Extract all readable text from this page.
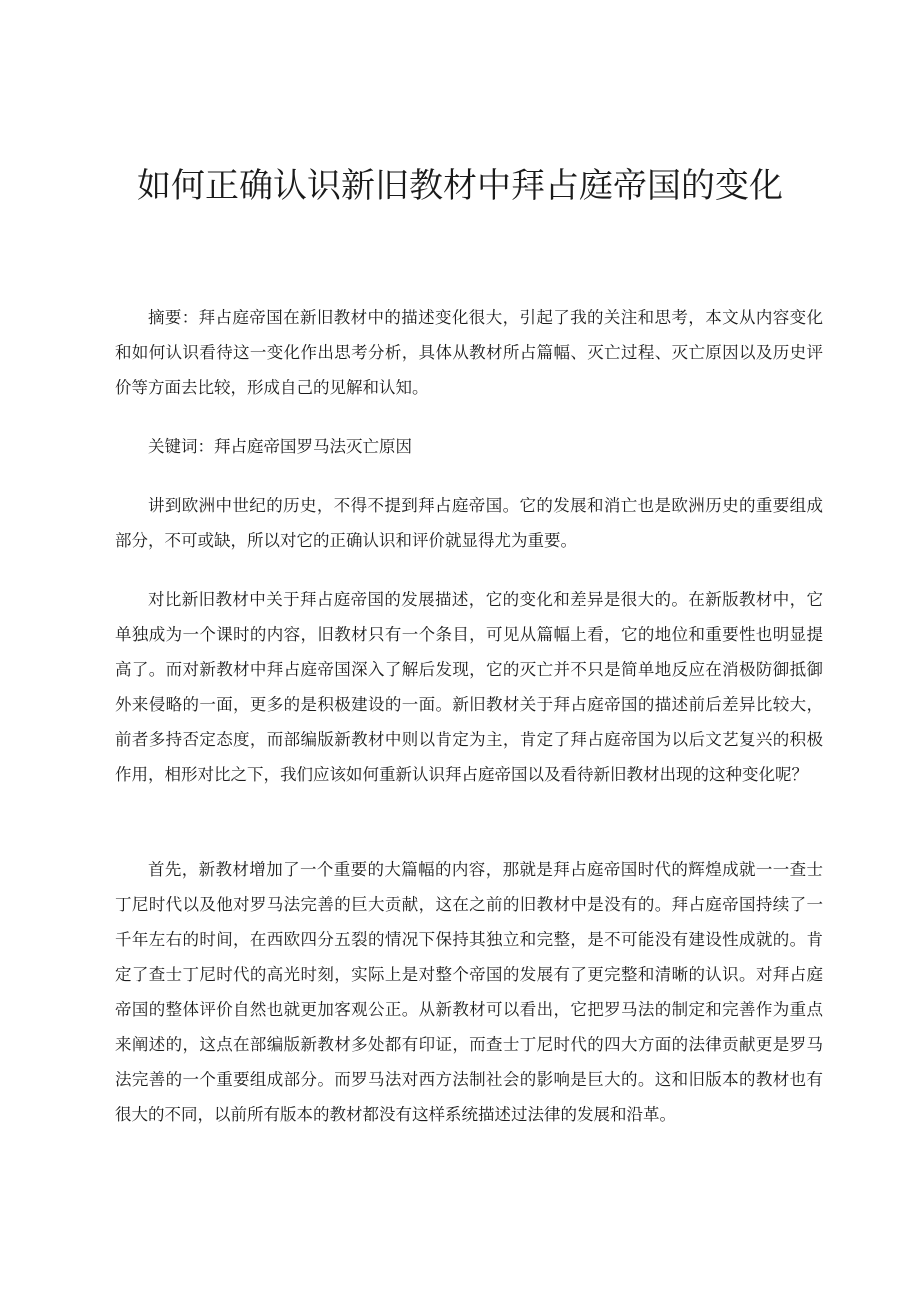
如何正确认识新旧教材中拜占庭帝国的变化

摘要：拜占庭帝国在新旧教材中的描述变化很大，引起了我的关注和思考，本文从内容变化和如何认识看待这一变化作出思考分析，具体从教材所占篇幅、灭亡过程、灭亡原因以及历史评价等方面去比较，形成自己的见解和认知。

关键词：拜占庭帝国罗马法灭亡原因

讲到欧洲中世纪的历史，不得不提到拜占庭帝国。它的发展和消亡也是欧洲历史的重要组成部分，不可或缺，所以对它的正确认识和评价就显得尤为重要。

对比新旧教材中关于拜占庭帝国的发展描述，它的变化和差异是很大的。在新版教材中，它单独成为一个课时的内容，旧教材只有一个条目，可见从篇幅上看，它的地位和重要性也明显提高了。而对新教材中拜占庭帝国深入了解后发现，它的灭亡并不只是简单地反应在消极防御抵御外来侵略的一面，更多的是积极建设的一面。新旧教材关于拜占庭帝国的描述前后差异比较大，前者多持否定态度，而部编版新教材中则以肯定为主，肯定了拜占庭帝国为以后文艺复兴的积极作用，相形对比之下，我们应该如何重新认识拜占庭帝国以及看待新旧教材出现的这种变化呢？

首先，新教材增加了一个重要的大篇幅的内容，那就是拜占庭帝国时代的辉煌成就一一查士丁尼时代以及他对罗马法完善的巨大贡献，这在之前的旧教材中是没有的。拜占庭帝国持续了一千年左右的时间，在西欧四分五裂的情况下保持其独立和完整，是不可能没有建设性成就的。肯定了查士丁尼时代的高光时刻，实际上是对整个帝国的发展有了更完整和清晰的认识。对拜占庭帝国的整体评价自然也就更加客观公正。从新教材可以看出，它把罗马法的制定和完善作为重点来阐述的，这点在部编版新教材多处都有印证，而查士丁尼时代的四大方面的法律贡献更是罗马法完善的一个重要组成部分。而罗马法对西方法制社会的影响是巨大的。这和旧版本的教材也有很大的不同，以前所有版本的教材都没有这样系统描述过法律的发展和沿革。
